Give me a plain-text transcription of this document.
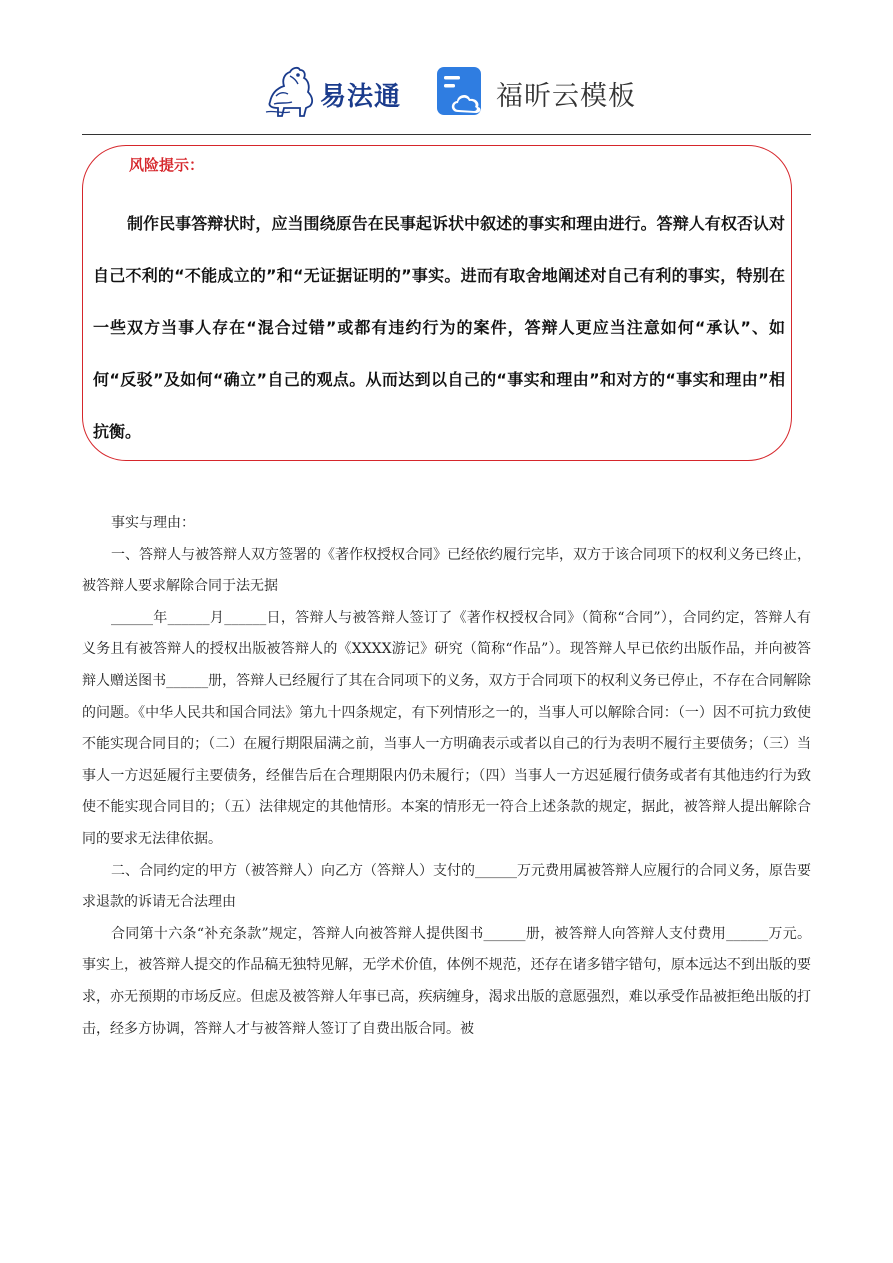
易法通	福昕云模板
风险提示：
制作民事答辩状时，应当围绕原告在民事起诉状中叙述的事实和理由进行。答辩人有权否认对自己不利的“不能成立的”和“无证据证明的”事实。进而有取舍地阐述对自己有利的事实，特别在一些双方当事人存在“混合过错”或都有违约行为的案件，答辩人更应当注意如何“承认”、如何“反驳”及如何“确立”自己的观点。从而达到以自己的“事实和理由”和对方的“事实和理由”相抗衡。

事实与理由：

一、答辩人与被答辩人双方签署的《著作权授权合同》已经依约履行完毕，双方于该合同项下的权利义务已终止，被答辩人要求解除合同于法无据

______年______月______日，答辩人与被答辩人签订了《著作权授权合同》（简称“合同”），合同约定，答辩人有义务且有被答辩人的授权出版被答辩人的《XXXX游记》研究（简称“作品”）。现答辩人早已依约出版作品，并向被答辩人赠送图书______册，答辩人已经履行了其在合同项下的义务，双方于合同项下的权利义务已停止，不存在合同解除的问题。《中华人民共和国合同法》第九十四条规定，有下列情形之一的，当事人可以解除合同：（一）因不可抗力致使不能实现合同目的；（二）在履行期限届满之前，当事人一方明确表示或者以自己的行为表明不履行主要债务；（三）当事人一方迟延履行主要债务，经催告后在合理期限内仍未履行；（四）当事人一方迟延履行债务或者有其他违约行为致使不能实现合同目的；（五）法律规定的其他情形。本案的情形无一符合上述条款的规定，据此，被答辩人提出解除合同的要求无法律依据。

二、合同约定的甲方（被答辩人）向乙方（答辩人）支付的______万元费用属被答辩人应履行的合同义务，原告要求退款的诉请无合法理由

合同第十六条“补充条款”规定，答辩人向被答辩人提供图书______册，被答辩人向答辩人支付费用______万元。事实上，被答辩人提交的作品稿无独特见解，无学术价值，体例不规范，还存在诸多错字错句，原本远达不到出版的要求，亦无预期的市场反应。但虑及被答辩人年事已高，疾病缠身，渴求出版的意愿强烈，难以承受作品被拒绝出版的打击，经多方协调，答辩人才与被答辩人签订了自费出版合同。被
